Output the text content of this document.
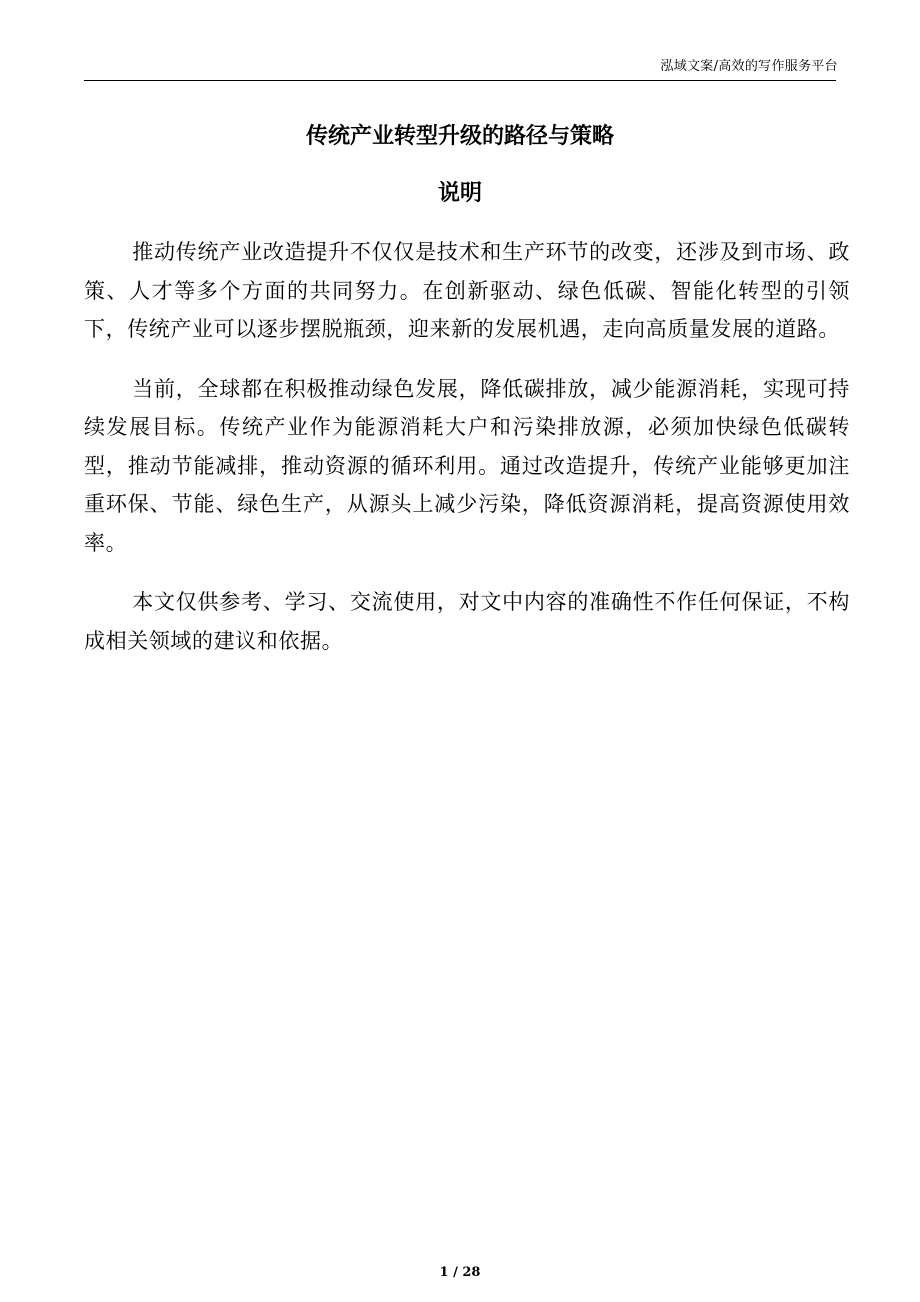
泓域文案/高效的写作服务平台
传统产业转型升级的路径与策略
说明

推动传统产业改造提升不仅仅是技术和生产环节的改变，还涉及到市场、政策、人才等多个方面的共同努力。在创新驱动、绿色低碳、智能化转型的引领下，传统产业可以逐步摆脱瓶颈，迎来新的发展机遇，走向高质量发展的道路。

当前，全球都在积极推动绿色发展，降低碳排放，减少能源消耗，实现可持续发展目标。传统产业作为能源消耗大户和污染排放源，必须加快绿色低碳转型，推动节能减排，推动资源的循环利用。通过改造提升，传统产业能够更加注重环保、节能、绿色生产，从源头上减少污染，降低资源消耗，提高资源使用效率。

本文仅供参考、学习、交流使用，对文中内容的准确性不作任何保证，不构成相关领域的建议和依据。

1 / 28
